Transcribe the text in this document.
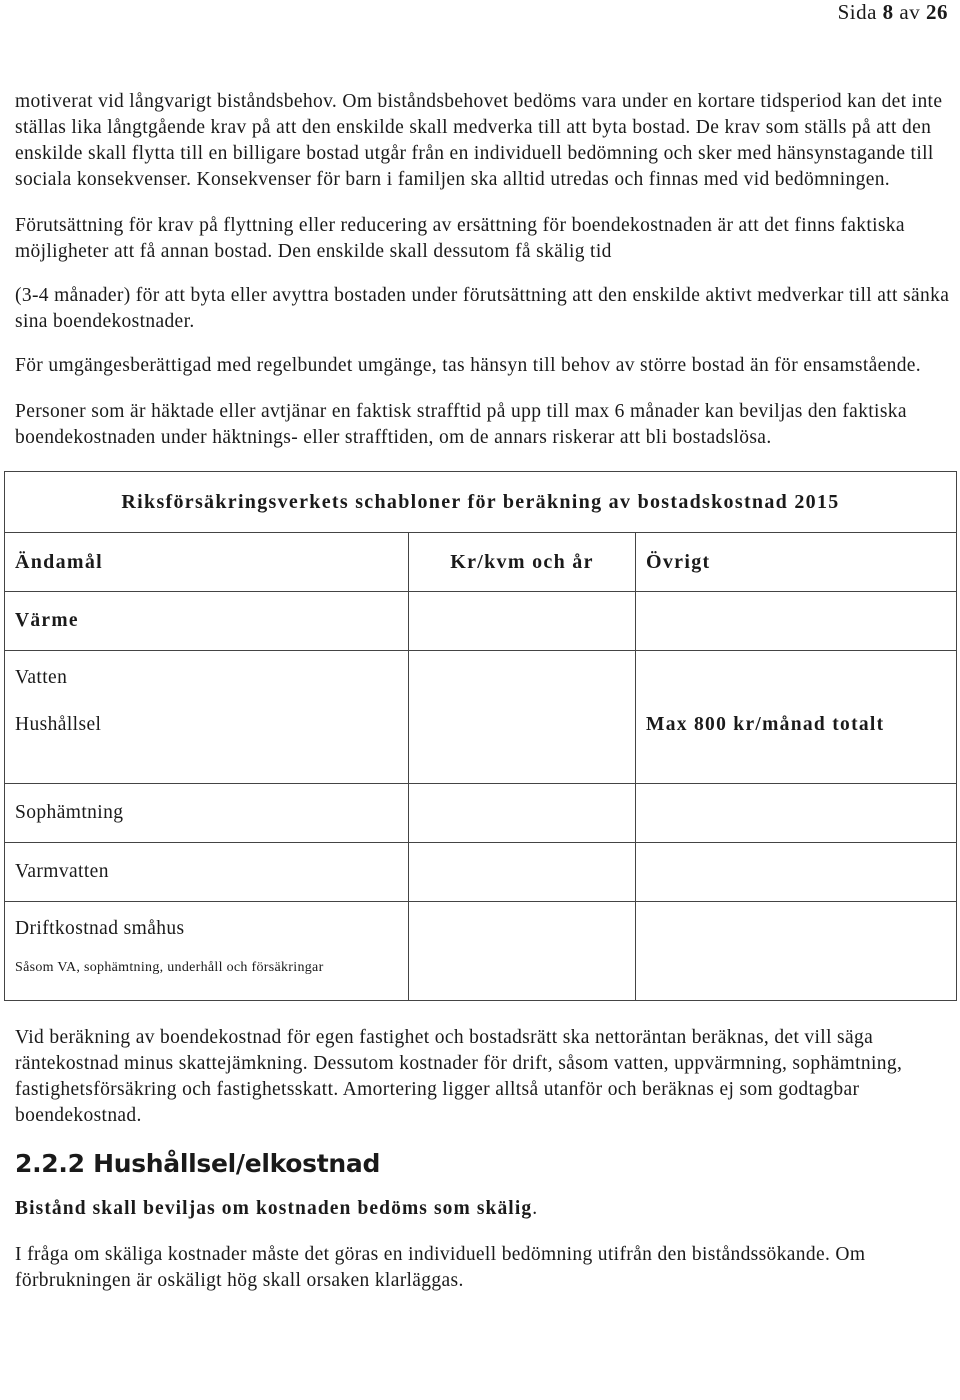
Sida 8 av 26

motiverat vid långvarigt biståndsbehov. Om biståndsbehovet bedöms vara under en kortare tidsperiod kan det inte ställas lika långtgående krav på att den enskilde skall medverka till att byta bostad. De krav som ställs på att den enskilde skall flytta till en billigare bostad utgår från en individuell bedömning och sker med hänsynstagande till sociala konsekvenser. Konsekvenser för barn i familjen ska alltid utredas och finnas med vid bedömningen.

Förutsättning för krav på flyttning eller reducering av ersättning för boendekostnaden är att det finns faktiska möjligheter att få annan bostad. Den enskilde skall dessutom få skälig tid

(3-4 månader) för att byta eller avyttra bostaden under förutsättning att den enskilde aktivt medverkar till att sänka sina boendekostnader.

För umgängesberättigad med regelbundet umgänge, tas hänsyn till behov av större bostad än för ensamstående.

Personer som är häktade eller avtjänar en faktisk strafftid på upp till max 6 månader kan beviljas den faktiska boendekostnaden under häktnings- eller strafftiden, om de annars riskerar att bli bostadslösa.

Riksförsäkringsverkets schabloner för beräkning av bostadskostnad 2015		
Ändamål	Kr/kvm och år	Övrigt
Värme		

Vatten
Hushållsel		Max 800 kr/månad totalt

Sophämtning		
Varmvatten		

Driftkostnad småhus
Såsom VA, sophämtning, underhåll och försäkringar		

Vid beräkning av boendekostnad för egen fastighet och bostadsrätt ska nettoräntan beräknas, det vill säga räntekostnad minus skattejämkning. Dessutom kostnader för drift, såsom vatten, uppvärmning, sophämtning, fastighetsförsäkring och fastighetsskatt. Amortering ligger alltså utanför och beräknas ej som godtagbar boendekostnad.

2.2.2 Hushållsel/elkostnad

Bistånd skall beviljas om kostnaden bedöms som skälig.

I fråga om skäliga kostnader måste det göras en individuell bedömning utifrån den biståndssökande. Om förbrukningen är oskäligt hög skall orsaken klarläggas.
